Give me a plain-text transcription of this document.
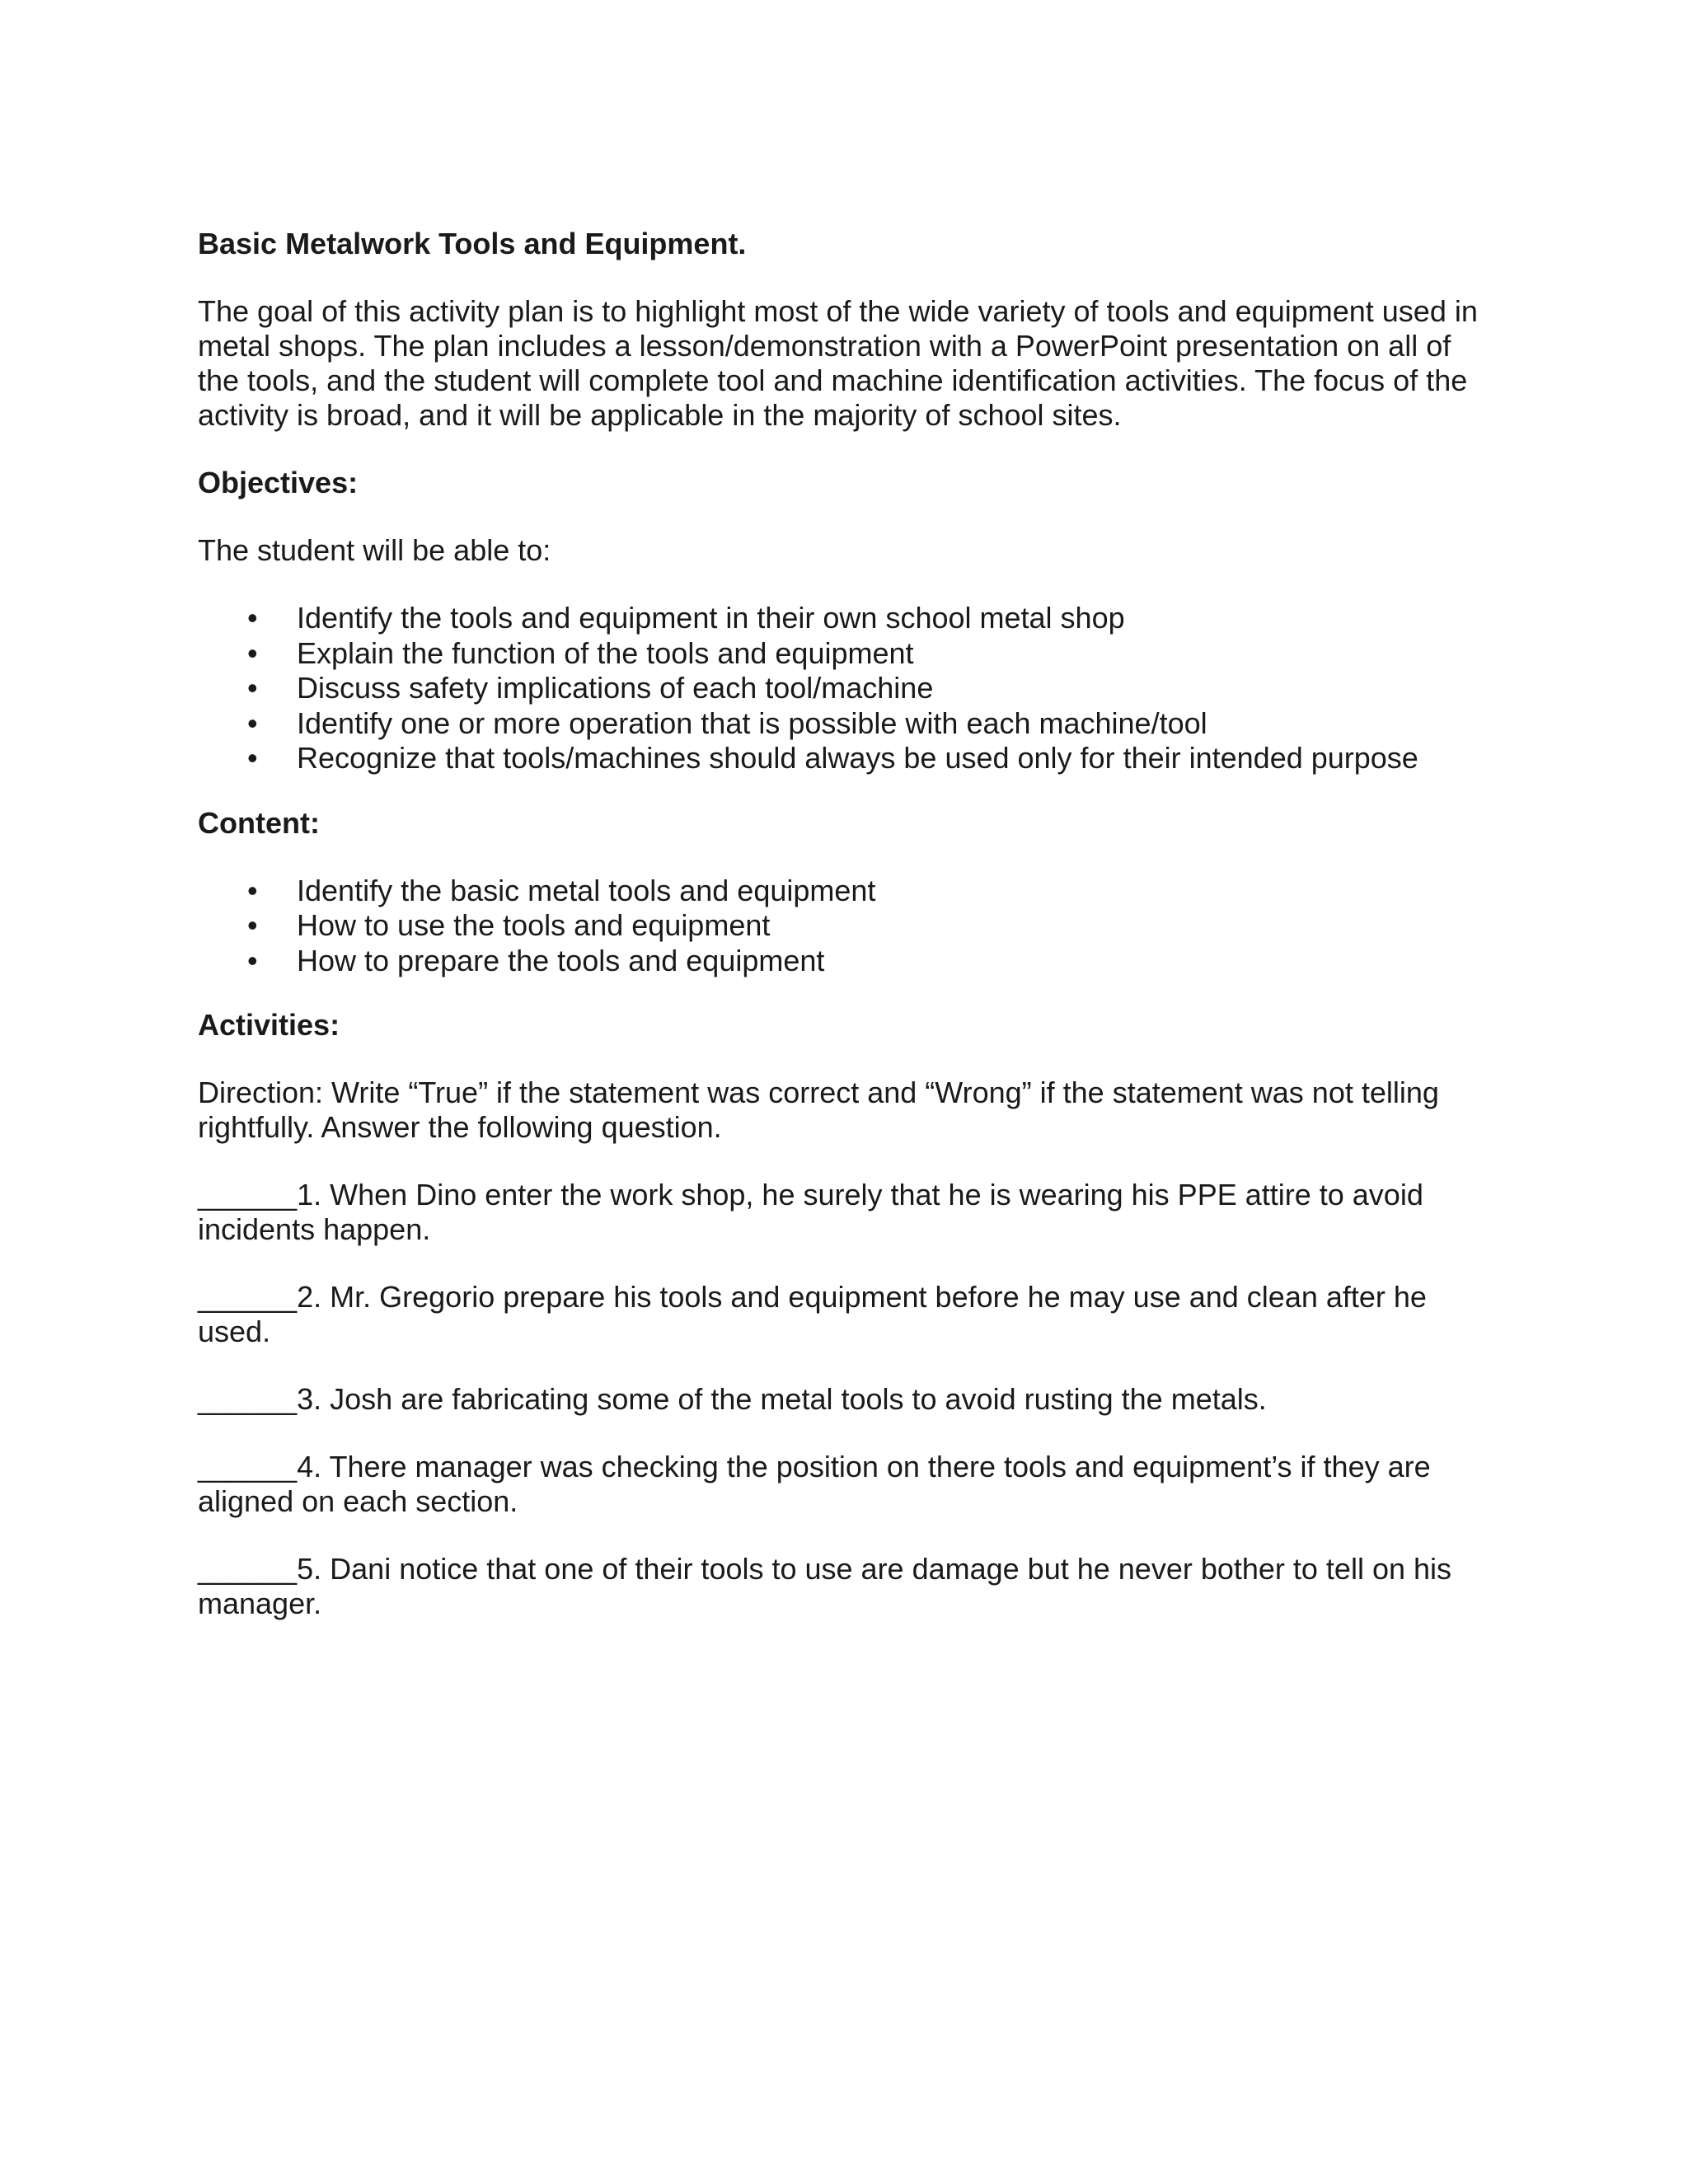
Basic Metalwork Tools and Equipment.
The goal of this activity plan is to highlight most of the wide variety of tools and equipment used in metal shops. The plan includes a lesson/demonstration with a PowerPoint presentation on all of the tools, and the student will complete tool and machine identification activities. The focus of the activity is broad, and it will be applicable in the majority of school sites.
Objectives:
The student will be able to:
• Identify the tools and equipment in their own school metal shop
• Explain the function of the tools and equipment
• Discuss safety implications of each tool/machine
• Identify one or more operation that is possible with each machine/tool
• Recognize that tools/machines should always be used only for their intended purpose
Content:
• Identify the basic metal tools and equipment
• How to use the tools and equipment
• How to prepare the tools and equipment
Activities:
Direction: Write “True” if the statement was correct and “Wrong” if the statement was not telling rightfully. Answer the following question.
______1. When Dino enter the work shop, he surely that he is wearing his PPE attire to avoid incidents happen.
______2. Mr. Gregorio prepare his tools and equipment before he may use and clean after he used.
______3. Josh are fabricating some of the metal tools to avoid rusting the metals.
______4. There manager was checking the position on there tools and equipment’s if they are aligned on each section.
______5. Dani notice that one of their tools to use are damage but he never bother to tell on his manager.
